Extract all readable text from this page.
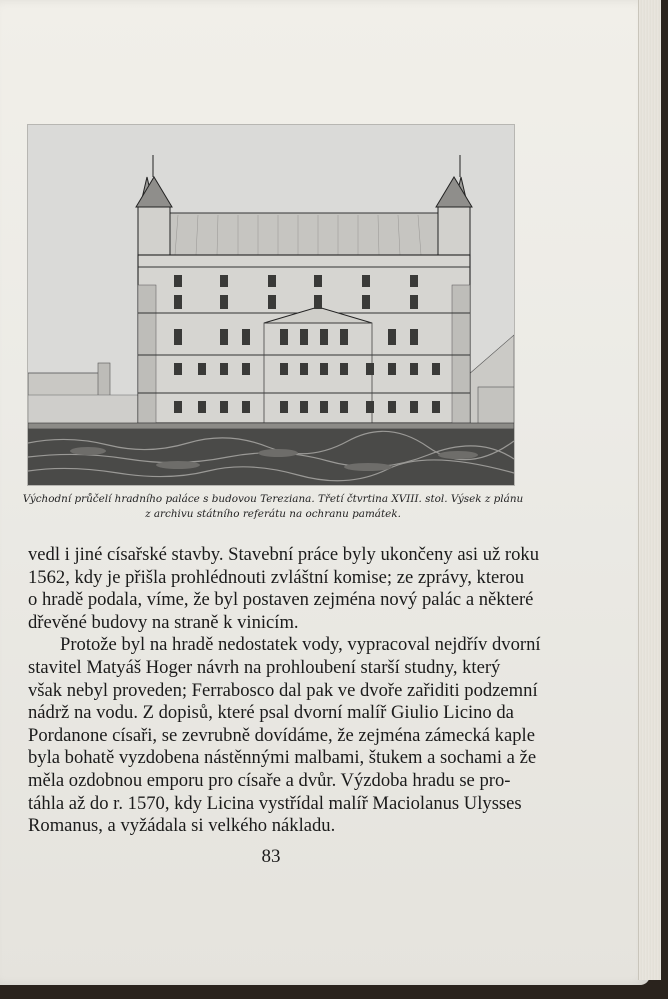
Východní průčelí hradního paláce s budovou Tereziana. Třetí čtvrtina XVIII. stol. Výsek z plánu
z archivu státního referátu na ochranu památek.
vedl i jiné císařské stavby. Stavební práce byly ukončeny asi už roku
1562, kdy je přišla prohlédnouti zvláštní komise; ze zprávy, kterou
o hradě podala, víme, že byl postaven zejména nový palác a některé
dřevěné budovy na straně k vinicím.
Protože byl na hradě nedostatek vody, vypracoval nejdřív dvorní
stavitel Matyáš Hoger návrh na prohloubení starší studny, který
však nebyl proveden; Ferrabosco dal pak ve dvoře zařiditi podzemní
nádrž na vodu. Z dopisů, které psal dvorní malíř Giulio Licino da
Pordanone císaři, se zevrubně dovídáme, že zejména zámecká kaple
byla bohatě vyzdobena nástěnnými malbami, štukem a sochami a že
měla ozdobnou emporu pro císaře a dvůr. Výzdoba hradu se pro-
táhla až do r. 1570, kdy Licina vystřídal malíř Maciolanus Ulysses
Romanus, a vyžádala si velkého nákladu.
83
